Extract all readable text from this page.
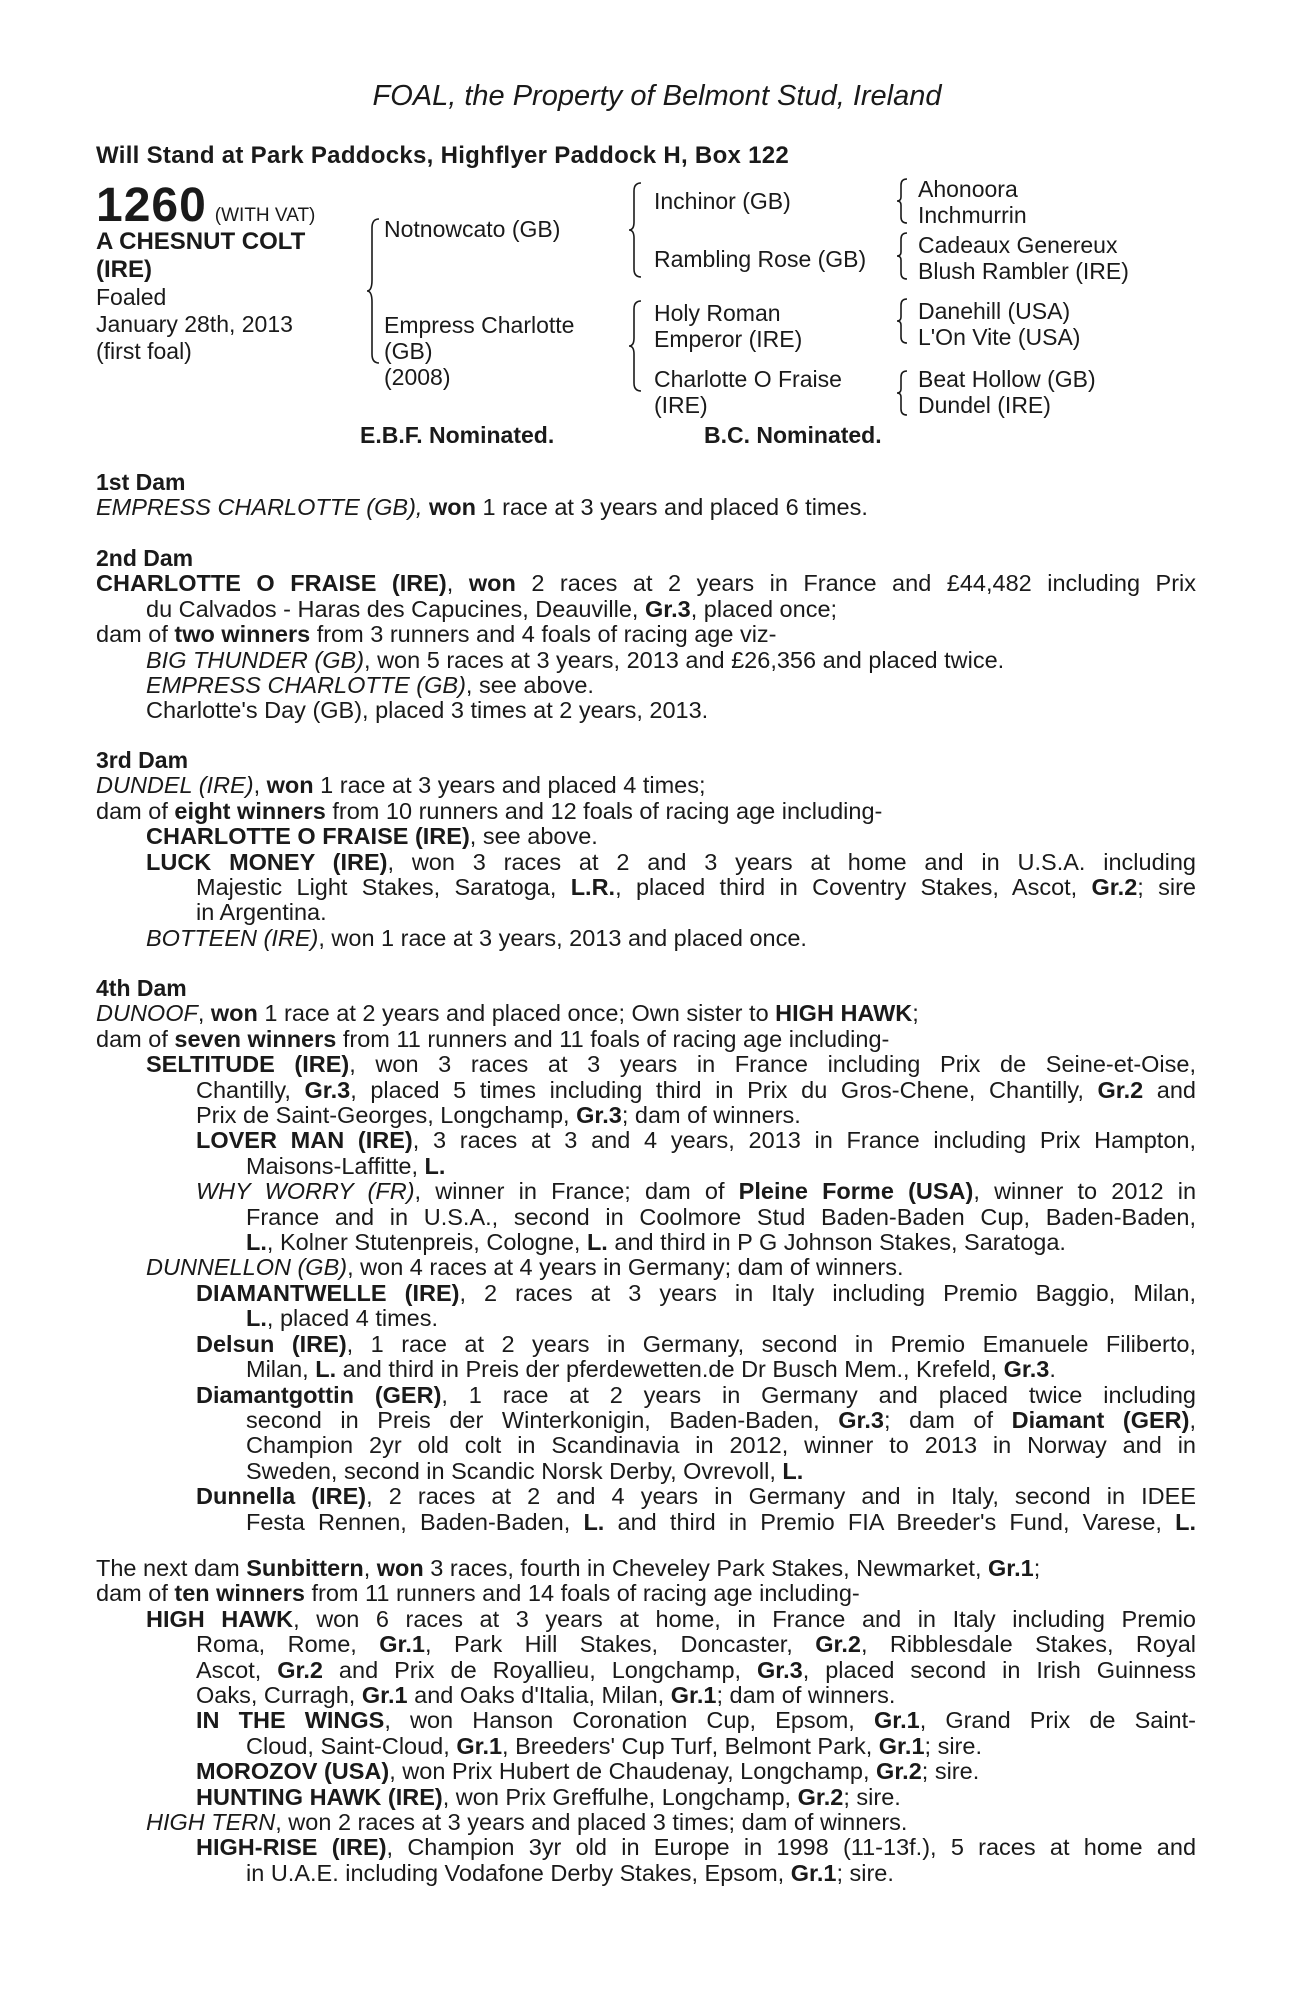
FOAL, the Property of Belmont Stud, Ireland
Will Stand at Park Paddocks, Highflyer Paddock H, Box 122
1260 (WITH VAT)
A CHESNUT COLT
(IRE)
Foaled
January 28th, 2013
(first foal)
Notnowcato (GB)
Empress Charlotte
(GB)
(2008)
Inchinor (GB)
Rambling Rose (GB)
Holy Roman
Emperor (IRE)
Charlotte O Fraise
(IRE)
Ahonoora
Inchmurrin
Cadeaux Genereux
Blush Rambler (IRE)
Danehill (USA)
L'On Vite (USA)
Beat Hollow (GB)
Dundel (IRE)
E.B.F. Nominated.	B.C. Nominated.
1st Dam
EMPRESS CHARLOTTE (GB), won 1 race at 3 years and placed 6 times.
2nd Dam
CHARLOTTE O FRAISE (IRE), won 2 races at 2 years in France and £44,482 including Prix
du Calvados - Haras des Capucines, Deauville, Gr.3, placed once;
dam of two winners from 3 runners and 4 foals of racing age viz-
BIG THUNDER (GB), won 5 races at 3 years, 2013 and £26,356 and placed twice.
EMPRESS CHARLOTTE (GB), see above.
Charlotte's Day (GB), placed 3 times at 2 years, 2013.
3rd Dam
DUNDEL (IRE), won 1 race at 3 years and placed 4 times;
dam of eight winners from 10 runners and 12 foals of racing age including-
CHARLOTTE O FRAISE (IRE), see above.
LUCK MONEY (IRE), won 3 races at 2 and 3 years at home and in U.S.A. including
Majestic Light Stakes, Saratoga, L.R., placed third in Coventry Stakes, Ascot, Gr.2; sire
in Argentina.
BOTTEEN (IRE), won 1 race at 3 years, 2013 and placed once.
4th Dam
DUNOOF, won 1 race at 2 years and placed once; Own sister to HIGH HAWK;
dam of seven winners from 11 runners and 11 foals of racing age including-
SELTITUDE (IRE), won 3 races at 3 years in France including Prix de Seine-et-Oise,
Chantilly, Gr.3, placed 5 times including third in Prix du Gros-Chene, Chantilly, Gr.2 and
Prix de Saint-Georges, Longchamp, Gr.3; dam of winners.
LOVER MAN (IRE), 3 races at 3 and 4 years, 2013 in France including Prix Hampton,
Maisons-Laffitte, L.
WHY WORRY (FR), winner in France; dam of Pleine Forme (USA), winner to 2012 in
France and in U.S.A., second in Coolmore Stud Baden-Baden Cup, Baden-Baden,
L., Kolner Stutenpreis, Cologne, L. and third in P G Johnson Stakes, Saratoga.
DUNNELLON (GB), won 4 races at 4 years in Germany; dam of winners.
DIAMANTWELLE (IRE), 2 races at 3 years in Italy including Premio Baggio, Milan,
L., placed 4 times.
Delsun (IRE), 1 race at 2 years in Germany, second in Premio Emanuele Filiberto,
Milan, L. and third in Preis der pferdewetten.de Dr Busch Mem., Krefeld, Gr.3.
Diamantgottin (GER), 1 race at 2 years in Germany and placed twice including
second in Preis der Winterkonigin, Baden-Baden, Gr.3; dam of Diamant (GER),
Champion 2yr old colt in Scandinavia in 2012, winner to 2013 in Norway and in
Sweden, second in Scandic Norsk Derby, Ovrevoll, L.
Dunnella (IRE), 2 races at 2 and 4 years in Germany and in Italy, second in IDEE
Festa Rennen, Baden-Baden, L. and third in Premio FIA Breeder's Fund, Varese, L.
The next dam Sunbittern, won 3 races, fourth in Cheveley Park Stakes, Newmarket, Gr.1;
dam of ten winners from 11 runners and 14 foals of racing age including-
HIGH HAWK, won 6 races at 3 years at home, in France and in Italy including Premio
Roma, Rome, Gr.1, Park Hill Stakes, Doncaster, Gr.2, Ribblesdale Stakes, Royal
Ascot, Gr.2 and Prix de Royallieu, Longchamp, Gr.3, placed second in Irish Guinness
Oaks, Curragh, Gr.1 and Oaks d'Italia, Milan, Gr.1; dam of winners.
IN THE WINGS, won Hanson Coronation Cup, Epsom, Gr.1, Grand Prix de Saint-
Cloud, Saint-Cloud, Gr.1, Breeders' Cup Turf, Belmont Park, Gr.1; sire.
MOROZOV (USA), won Prix Hubert de Chaudenay, Longchamp, Gr.2; sire.
HUNTING HAWK (IRE), won Prix Greffulhe, Longchamp, Gr.2; sire.
HIGH TERN, won 2 races at 3 years and placed 3 times; dam of winners.
HIGH-RISE (IRE), Champion 3yr old in Europe in 1998 (11-13f.), 5 races at home and
in U.A.E. including Vodafone Derby Stakes, Epsom, Gr.1; sire.
